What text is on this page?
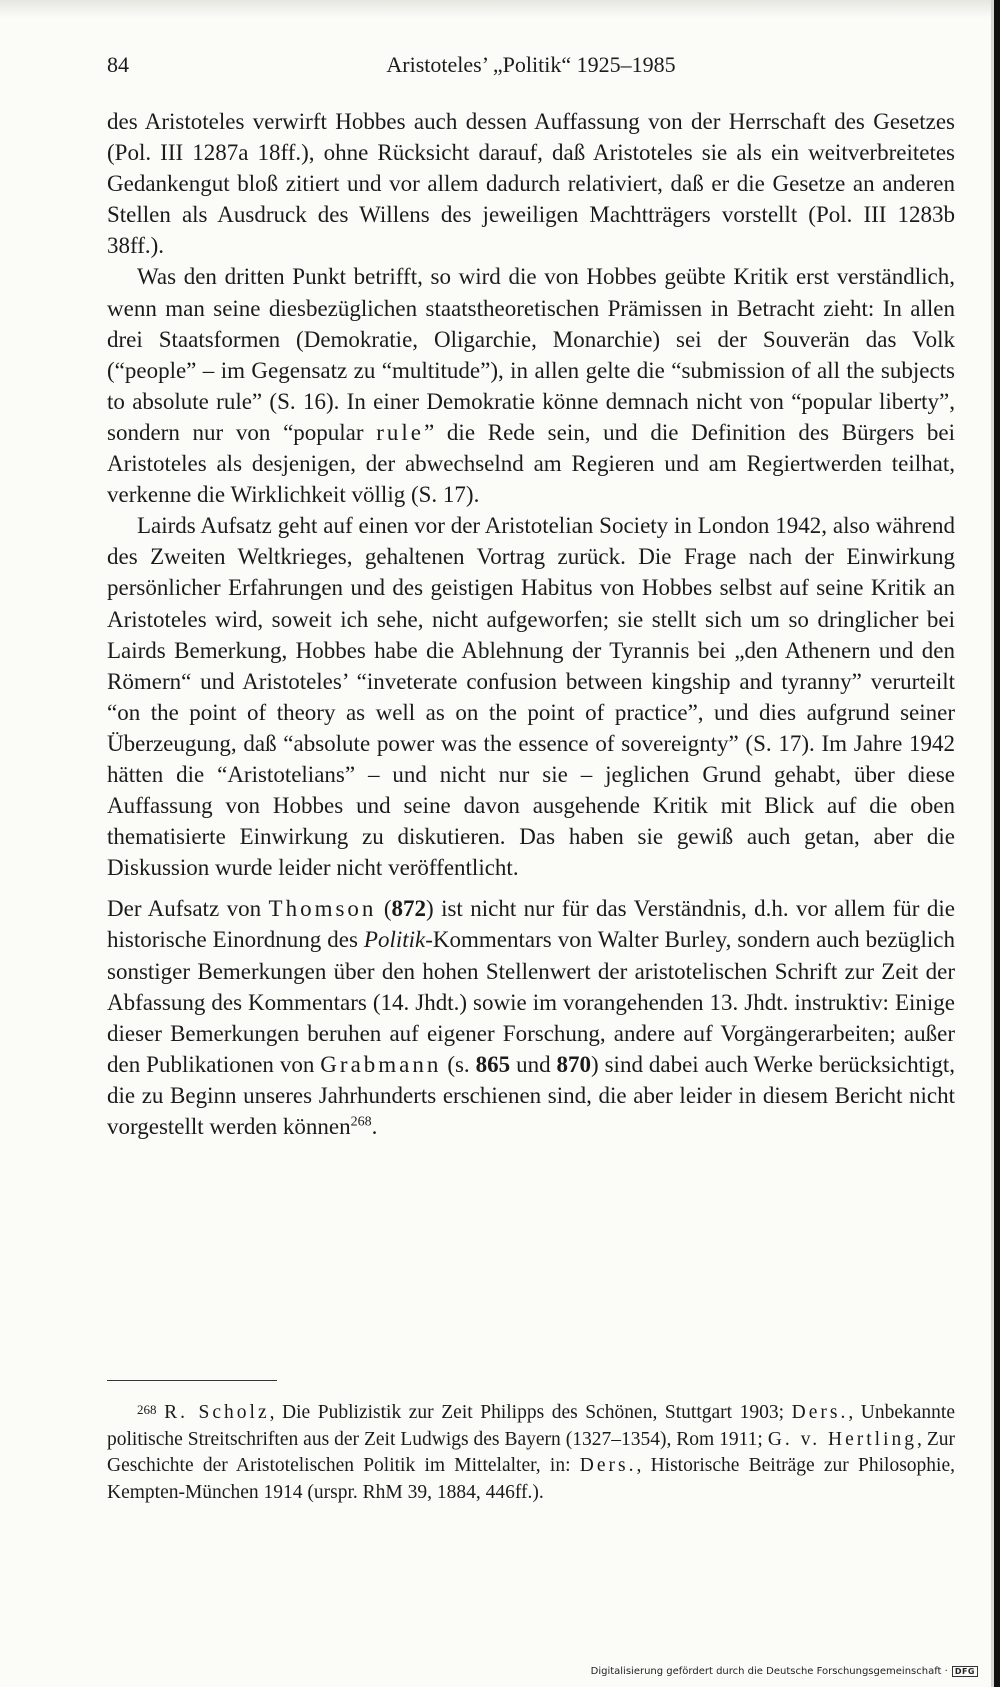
84	Aristoteles’ „Politik“ 1925–1985

des Aristoteles verwirft Hobbes auch dessen Auffassung von der Herrschaft des Gesetzes (Pol. III 1287a 18ff.), ohne Rücksicht darauf, daß Aristoteles sie als ein weitverbreitetes Gedankengut bloß zitiert und vor allem dadurch relativiert, daß er die Gesetze an anderen Stellen als Ausdruck des Willens des jeweiligen Machtträgers vorstellt (Pol. III 1283b 38ff.).

Was den dritten Punkt betrifft, so wird die von Hobbes geübte Kritik erst verständlich, wenn man seine diesbezüglichen staatstheoretischen Prämissen in Betracht zieht: In allen drei Staatsformen (Demokratie, Oligarchie, Monarchie) sei der Souverän das Volk (“people” – im Gegensatz zu “multitude”), in allen gelte die “submission of all the subjects to absolute rule” (S. 16). In einer Demokratie könne demnach nicht von “popular liberty”, sondern nur von “popular rule” die Rede sein, und die Definition des Bürgers bei Aristoteles als desjenigen, der abwechselnd am Regieren und am Regiertwerden teilhat, verkenne die Wirklichkeit völlig (S. 17).

Lairds Aufsatz geht auf einen vor der Aristotelian Society in London 1942, also während des Zweiten Weltkrieges, gehaltenen Vortrag zurück. Die Frage nach der Einwirkung persönlicher Erfahrungen und des geistigen Habitus von Hobbes selbst auf seine Kritik an Aristoteles wird, soweit ich sehe, nicht aufgeworfen; sie stellt sich um so dringlicher bei Lairds Bemerkung, Hobbes habe die Ablehnung der Tyrannis bei „den Athenern und den Römern“ und Aristoteles’ “inveterate confusion between kingship and tyranny” verurteilt “on the point of theory as well as on the point of practice”, und dies aufgrund seiner Überzeugung, daß “absolute power was the essence of sovereignty” (S. 17). Im Jahre 1942 hätten die “Aristotelians” – und nicht nur sie – jeglichen Grund gehabt, über diese Auffassung von Hobbes und seine davon ausgehende Kritik mit Blick auf die oben thematisierte Einwirkung zu diskutieren. Das haben sie gewiß auch getan, aber die Diskussion wurde leider nicht veröffentlicht.

Der Aufsatz von Thomson (872) ist nicht nur für das Verständnis, d.h. vor allem für die historische Einordnung des Politik-Kommentars von Walter Burley, sondern auch bezüglich sonstiger Bemerkungen über den hohen Stellenwert der aristotelischen Schrift zur Zeit der Abfassung des Kommentars (14. Jhdt.) sowie im vorangehenden 13. Jhdt. instruktiv: Einige dieser Bemerkungen beruhen auf eigener Forschung, andere auf Vorgängerarbeiten; außer den Publikationen von Grabmann (s. 865 und 870) sind dabei auch Werke berücksichtigt, die zu Beginn unseres Jahrhunderts erschienen sind, die aber leider in diesem Bericht nicht vorgestellt werden können$^{268}$.

$^{268}$ R. Scholz, Die Publizistik zur Zeit Philipps des Schönen, Stuttgart 1903; Ders., Unbekannte politische Streitschriften aus der Zeit Ludwigs des Bayern (1327–1354), Rom 1911; G. v. Hertling, Zur Geschichte der Aristotelischen Politik im Mittelalter, in: Ders., Historische Beiträge zur Philosophie, Kempten-München 1914 (urspr. RhM 39, 1884, 446ff.).

Digitalisierung gefördert durch die Deutsche Forschungsgemeinschaft · DFG
